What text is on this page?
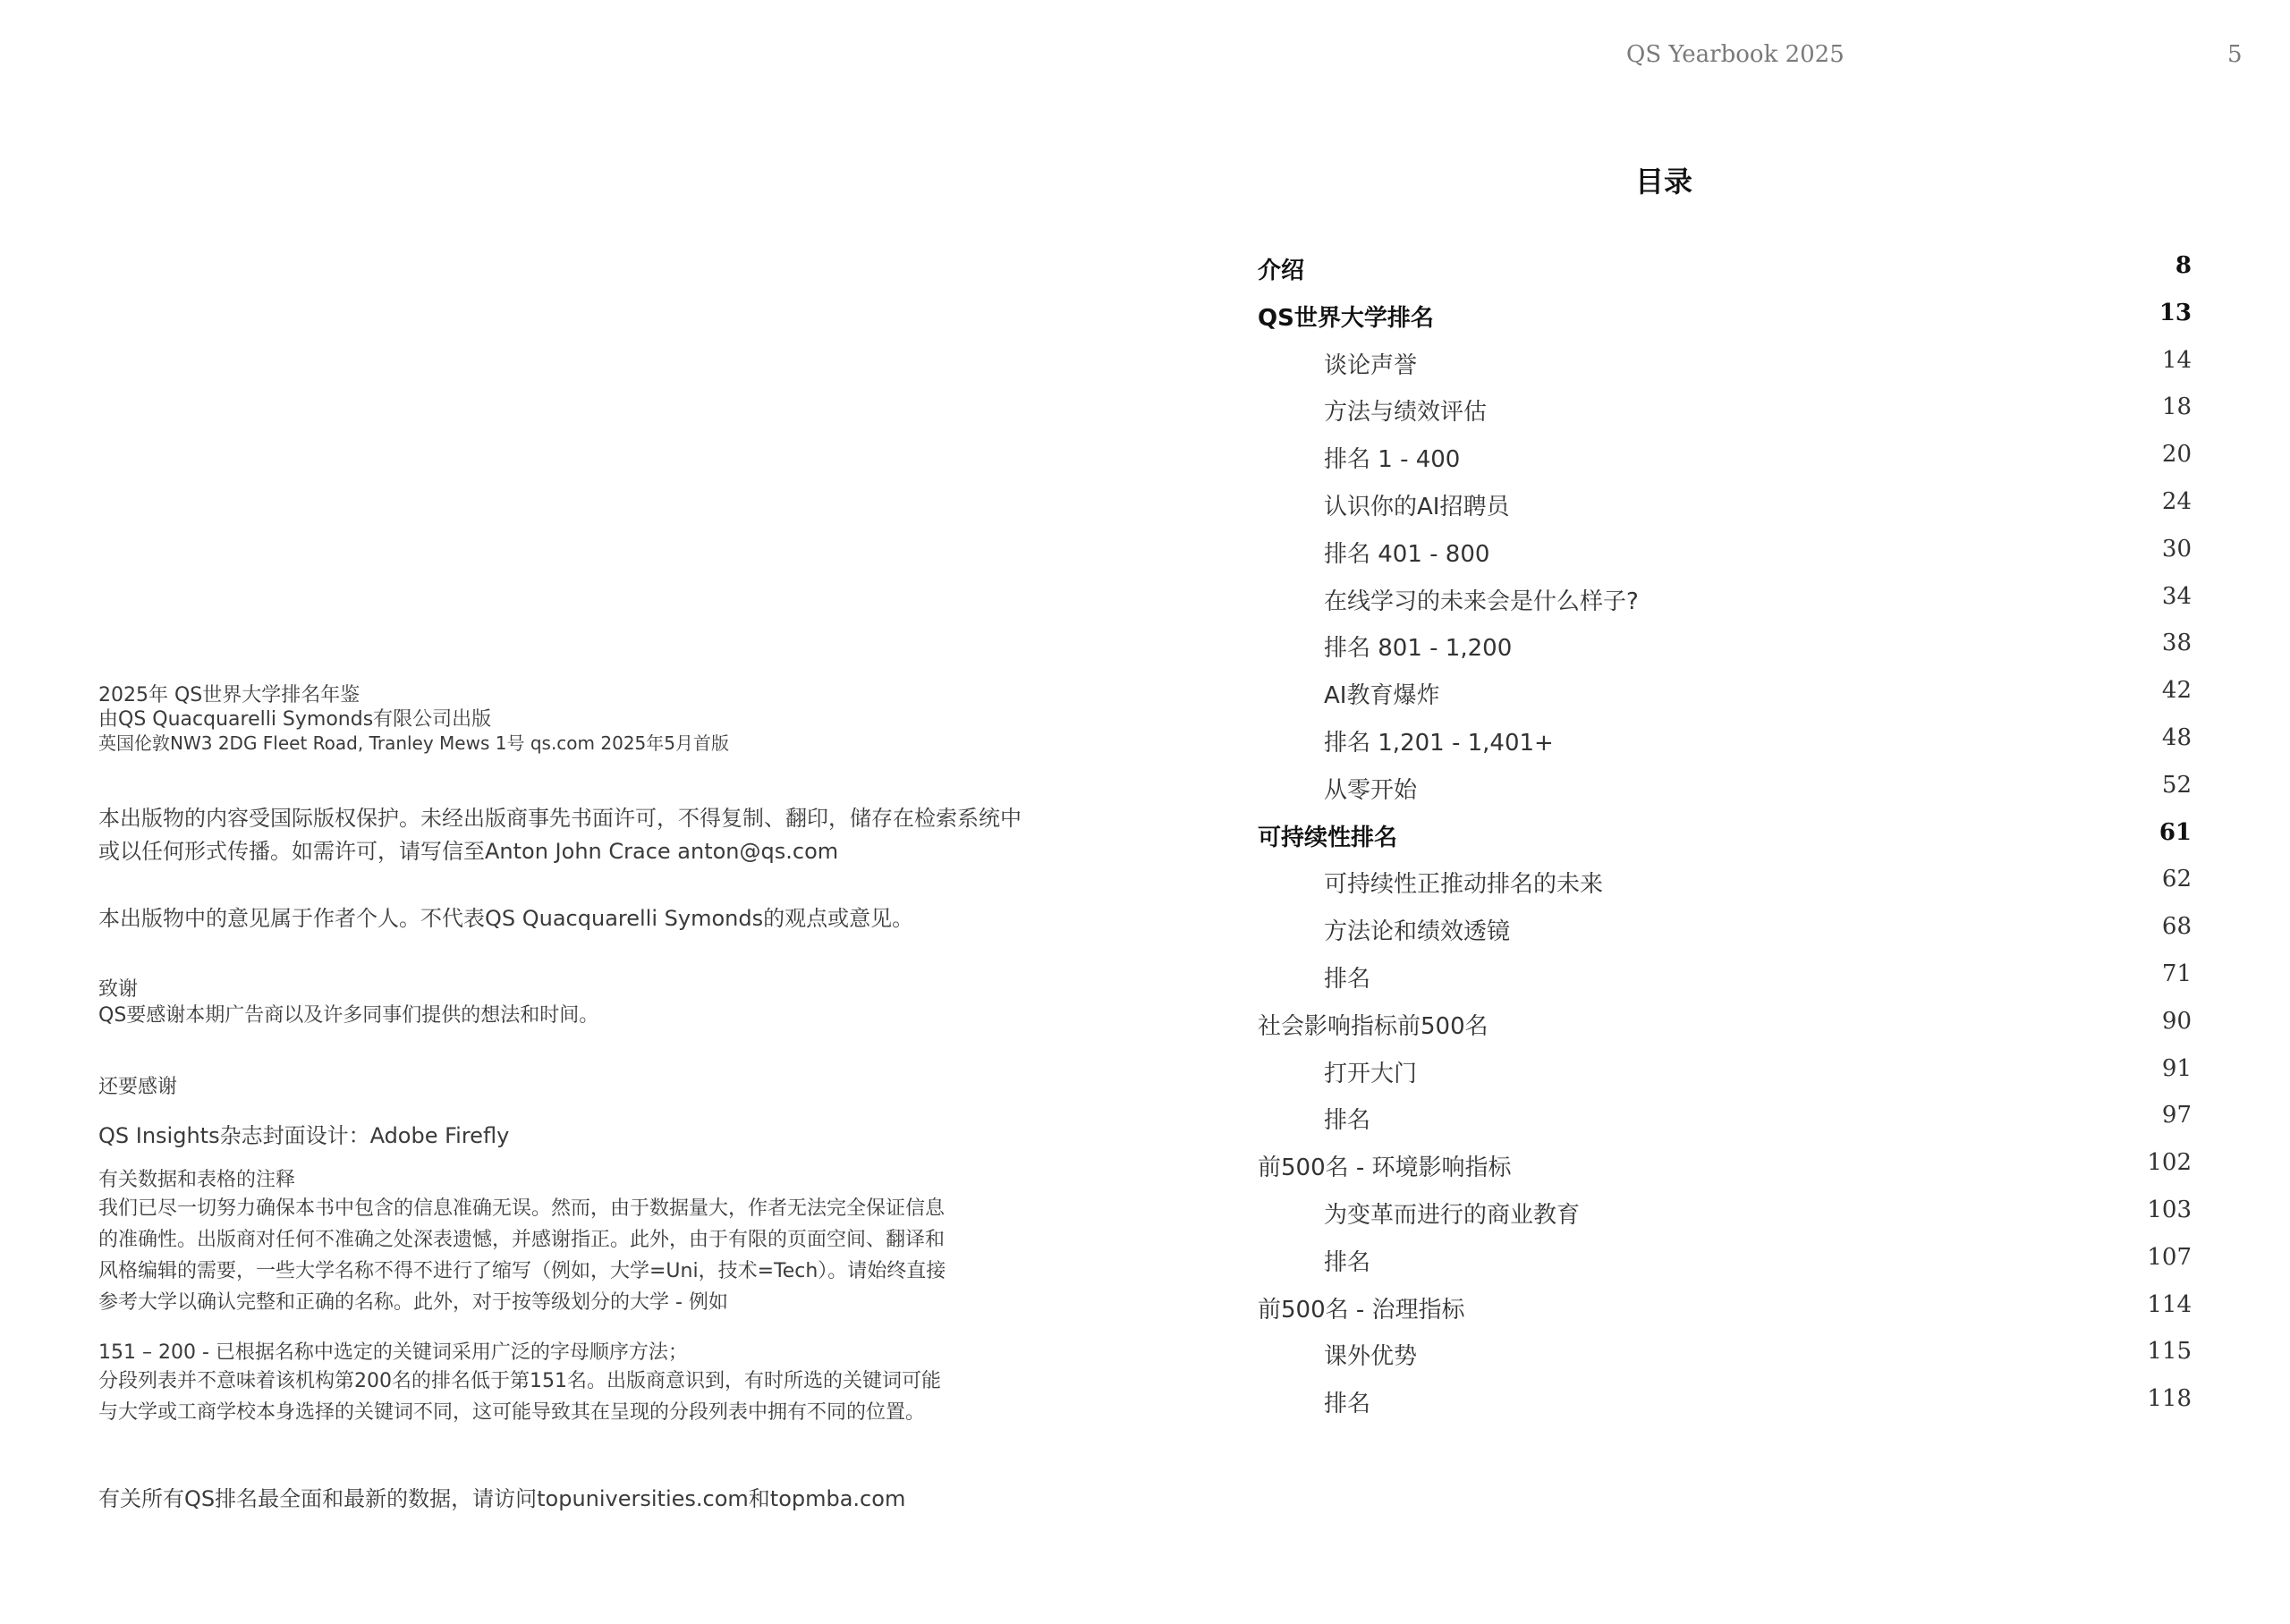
QS Yearbook 2025	5
2025年 QS世界大学排名年鉴
由QS Quacquarelli Symonds有限公司出版
英国伦敦NW3 2DG Fleet Road, Tranley Mews 1号 qs.com 2025年5月首版
本出版物的内容受国际版权保护。未经出版商事先书面许可，不得复制、翻印，储存在检索系统中
或以任何形式传播。如需许可，请写信至Anton John Crace anton@qs.com
本出版物中的意见属于作者个人。不代表QS Quacquarelli Symonds的观点或意见。
致谢
QS要感谢本期广告商以及许多同事们提供的想法和时间。
还要感谢
QS Insights杂志封面设计：Adobe Firefly
有关数据和表格的注释
我们已尽一切努力确保本书中包含的信息准确无误。然而，由于数据量大，作者无法完全保证信息
的准确性。出版商对任何不准确之处深表遗憾，并感谢指正。此外，由于有限的页面空间、翻译和
风格编辑的需要，一些大学名称不得不进行了缩写（例如，大学=Uni，技术=Tech）。请始终直接
参考大学以确认完整和正确的名称。此外，对于按等级划分的大学 - 例如
151 – 200 - 已根据名称中选定的关键词采用广泛的字母顺序方法；
分段列表并不意味着该机构第200名的排名低于第151名。出版商意识到，有时所选的关键词可能
与大学或工商学校本身选择的关键词不同，这可能导致其在呈现的分段列表中拥有不同的位置。
有关所有QS排名最全面和最新的数据，请访问topuniversities.com和topmba.com
目录
介绍	8
QS世界大学排名	13
谈论声誉	14
方法与绩效评估	18
排名 1 - 400	20
认识你的AI招聘员	24
排名 401 - 800	30
在线学习的未来会是什么样子?	34
排名 801 - 1,200	38
AI教育爆炸	42
排名 1,201 - 1,401+	48
从零开始	52
可持续性排名	61
可持续性正推动排名的未来	62
方法论和绩效透镜	68
排名	71
社会影响指标前500名	90
打开大门	91
排名	97
前500名 - 环境影响指标	102
为变革而进行的商业教育	103
排名	107
前500名 - 治理指标	114
课外优势	115
排名	118
